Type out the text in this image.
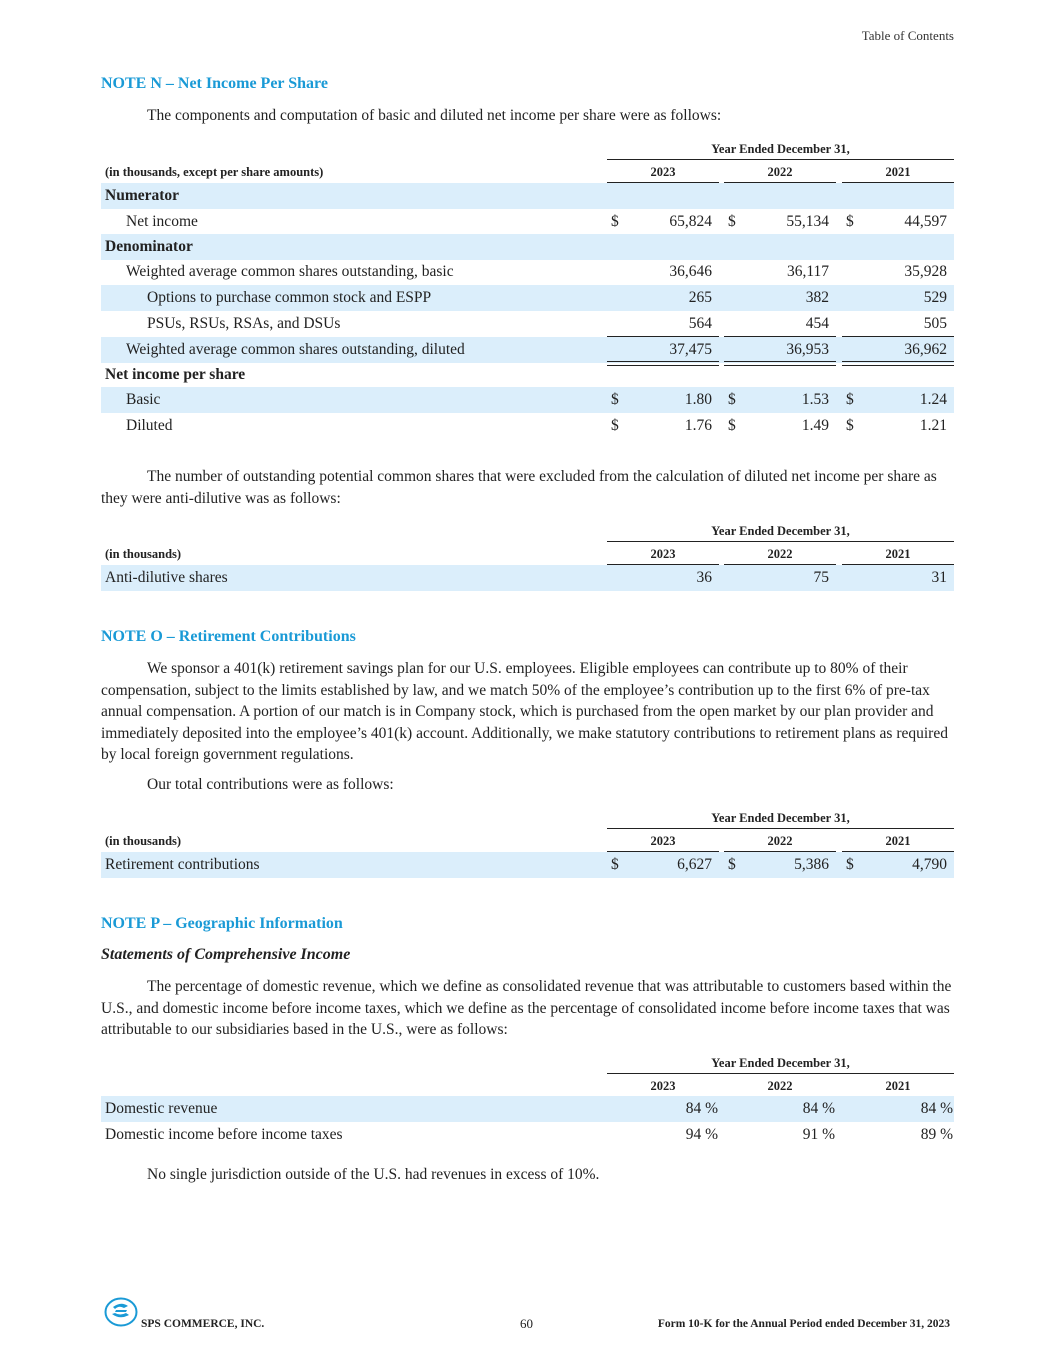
Table of Contents
NOTE N – Net Income Per Share
The components and computation of basic and diluted net income per share were as follows:
Year Ended December 31,
(in thousands, except per share amounts)	2023	2022	2021
Numerator
Net income	$	65,824 $	55,134 $	44,597
Denominator
Weighted average common shares outstanding, basic	36,646	36,117	35,928
Options to purchase common stock and ESPP	265	382	529
PSUs, RSUs, RSAs, and DSUs	564	454	505
Weighted average common shares outstanding, diluted	37,475	36,953	36,962
Net income per share
Basic	$	1.80 $	1.53 $	1.24
Diluted	$	1.76 $	1.49 $	1.21
The number of outstanding potential common shares that were excluded from the calculation of diluted net income per share as they were anti-dilutive was as follows:
Year Ended December 31,
(in thousands)	2023	2022	2021
Anti-dilutive shares	36	75	31
NOTE O – Retirement Contributions
We sponsor a 401(k) retirement savings plan for our U.S. employees. Eligible employees can contribute up to 80% of their compensation, subject to the limits established by law, and we match 50% of the employee’s contribution up to the first 6% of pre-tax annual compensation. A portion of our match is in Company stock, which is purchased from the open market by our plan provider and immediately deposited into the employee’s 401(k) account. Additionally, we make statutory contributions to retirement plans as required by local foreign government regulations.
Our total contributions were as follows:
Year Ended December 31,
(in thousands)	2023	2022	2021
Retirement contributions	$	6,627 $	5,386 $	4,790
NOTE P – Geographic Information
Statements of Comprehensive Income
The percentage of domestic revenue, which we define as consolidated revenue that was attributable to customers based within the U.S., and domestic income before income taxes, which we define as the percentage of consolidated income before income taxes that was attributable to our subsidiaries based in the U.S., were as follows:
Year Ended December 31,
2023	2022	2021
Domestic revenue	84 %	84 %	84 %
Domestic income before income taxes	94 %	91 %	89 %
No single jurisdiction outside of the U.S. had revenues in excess of 10%.
SPS COMMERCE, INC.	60	Form 10-K for the Annual Period ended December 31, 2023
